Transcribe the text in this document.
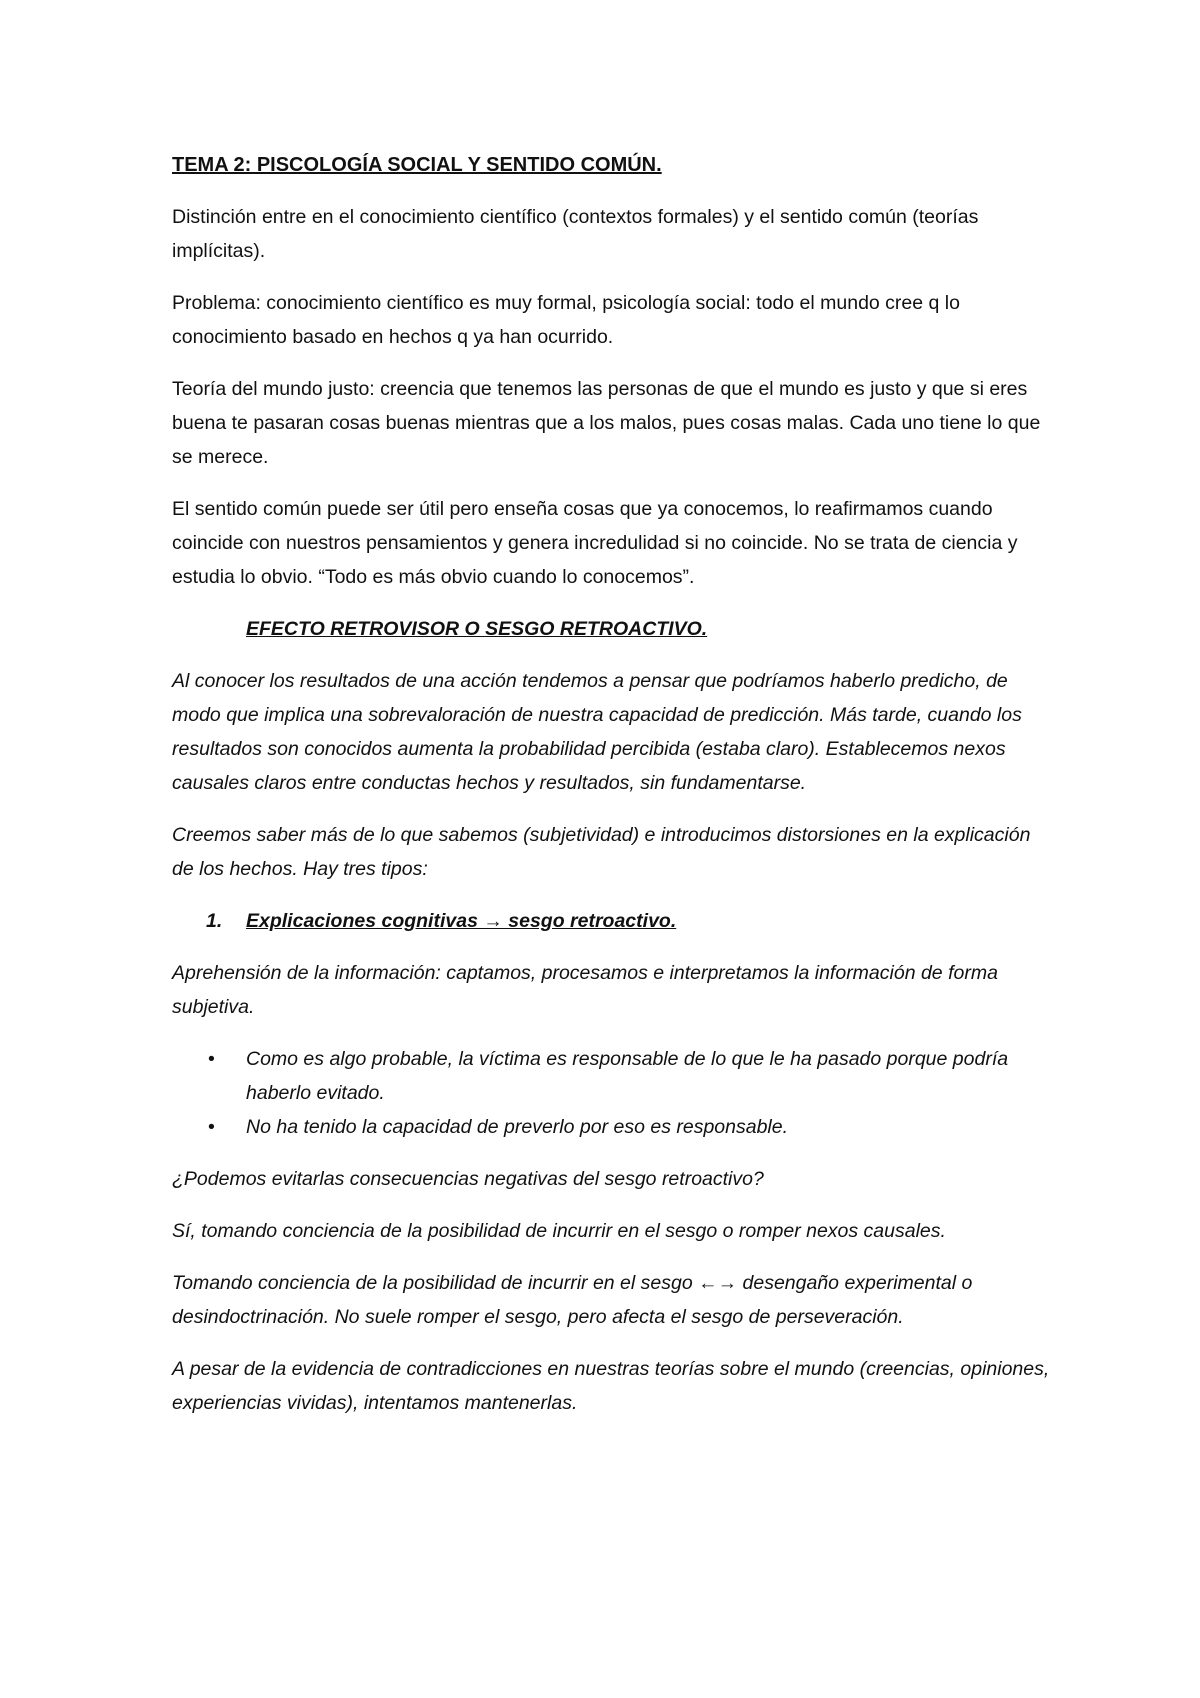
TEMA 2: PISCOLOGÍA SOCIAL Y SENTIDO COMÚN.

Distinción entre en el conocimiento científico (contextos formales) y el sentido común (teorías implícitas).

Problema: conocimiento científico es muy formal, psicología social: todo el mundo cree q lo conocimiento basado en hechos q ya han ocurrido.

Teoría del mundo justo: creencia que tenemos las personas de que el mundo es justo y que si eres buena te pasaran cosas buenas mientras que a los malos, pues cosas malas. Cada uno tiene lo que se merece.

El sentido común puede ser útil pero enseña cosas que ya conocemos, lo reafirmamos cuando coincide con nuestros pensamientos y genera incredulidad si no coincide. No se trata de ciencia y estudia lo obvio. “Todo es más obvio cuando lo conocemos”.

EFECTO RETROVISOR O SESGO RETROACTIVO.

Al conocer los resultados de una acción tendemos a pensar que podríamos haberlo predicho, de modo que implica una sobrevaloración de nuestra capacidad de predicción. Más tarde, cuando los resultados son conocidos aumenta la probabilidad percibida (estaba claro). Establecemos nexos causales claros entre conductas hechos y resultados, sin fundamentarse.

Creemos saber más de lo que sabemos (subjetividad) e introducimos distorsiones en la explicación de los hechos. Hay tres tipos:

1.	Explicaciones cognitivas → sesgo retroactivo.

Aprehensión de la información: captamos, procesamos e interpretamos la información de forma subjetiva.

•	Como es algo probable, la víctima es responsable de lo que le ha pasado porque podría haberlo evitado.
•	No ha tenido la capacidad de preverlo por eso es responsable.

¿Podemos evitarlas consecuencias negativas del sesgo retroactivo?

Sí, tomando conciencia de la posibilidad de incurrir en el sesgo o romper nexos causales.

Tomando conciencia de la posibilidad de incurrir en el sesgo ←→ desengaño experimental o desindoctrinación. No suele romper el sesgo, pero afecta el sesgo de perseveración.

A pesar de la evidencia de contradicciones en nuestras teorías sobre el mundo (creencias, opiniones, experiencias vividas), intentamos mantenerlas.
